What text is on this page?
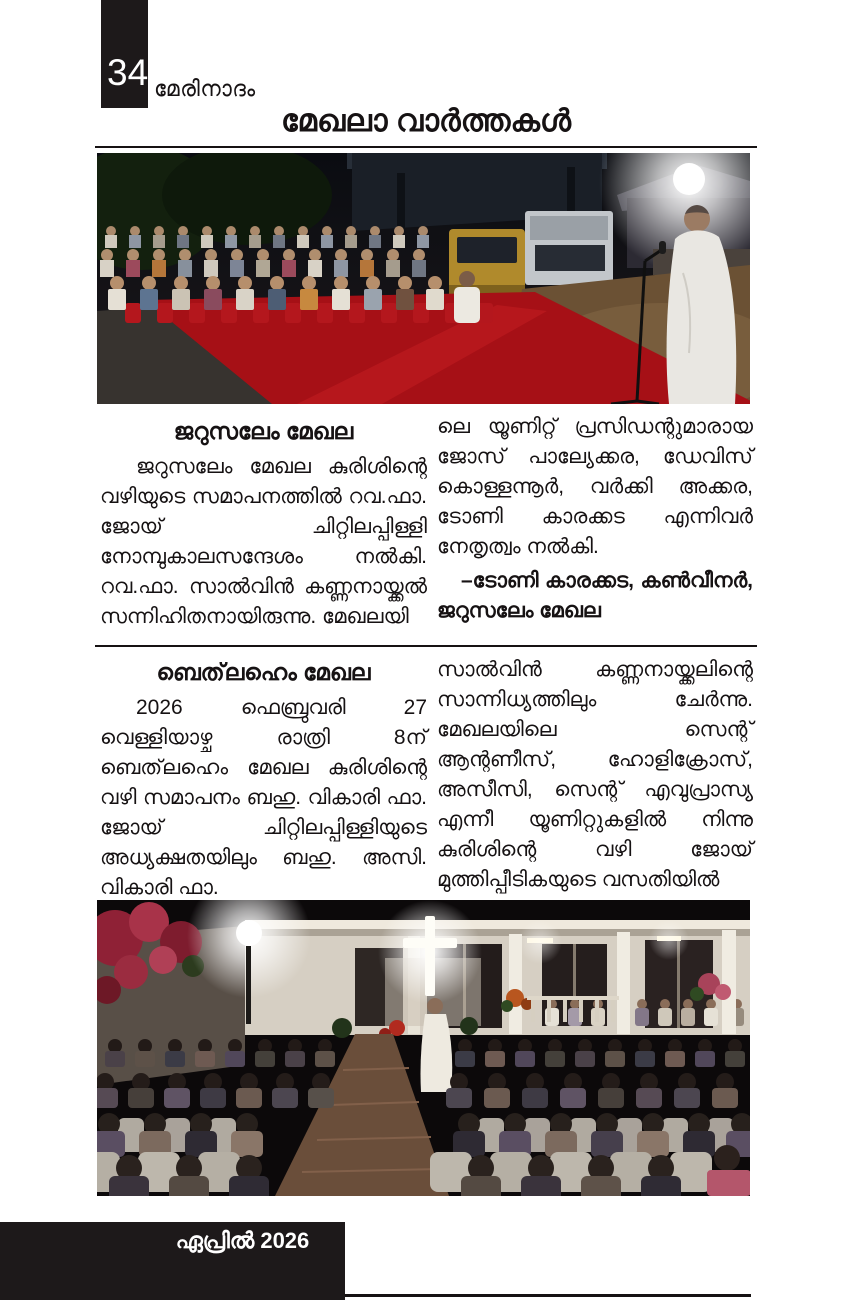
34 മേരിനാദം
മേഖലാ വാർത്തകൾ
ജറുസലേം മേഖല

ജറുസലേം മേഖല കുരിശിന്റെ വഴിയുടെ സമാപനത്തിൽ റവ.ഫാ. ജോയ് ചിറ്റിലപ്പിള്ളി നോമ്പുകാലസന്ദേശം നൽകി. റവ.ഫാ. സാൽവിൻ കണ്ണനായ്ക്കൽ സന്നിഹിതനായിരുന്നു. മേഖലയി

ലെ യൂണിറ്റ് പ്രസിഡന്റുമാരായ ജോസ് പാല്യേക്കര, ഡേവിസ് കൊള്ളന്നൂർ, വർക്കി അക്കര, ടോണി കാരക്കട എന്നിവർ നേതൃത്വം നൽകി.

–ടോണി കാരക്കട, കൺവീനർ, ജറുസലേം മേഖല

ബെത്‌ലഹെം മേഖല

2026 ഫെബ്രുവരി 27 വെള്ളിയാഴ്ച രാത്രി 8ന് ബെത്‌ലഹെം മേഖല കുരിശിന്റെ വഴി സമാപനം ബഹു. വികാരി ഫാ. ജോയ് ചിറ്റിലപ്പിള്ളിയുടെ അധ്യക്ഷതയിലും ബഹു. അസി. വികാരി ഫാ.

സാൽവിൻ കണ്ണനായ്ക്കലിന്റെ സാന്നിധ്യത്തിലും ചേർന്നു. മേഖലയിലെ സെന്റ് ആന്റണീസ്, ഹോളിക്രോസ്, അസീസി, സെന്റ് എവുപ്രാസ്യ എന്നീ യൂണിറ്റുകളിൽ നിന്നു കുരിശിന്റെ വഴി ജോയ് മുത്തിപ്പീടികയുടെ വസതിയിൽ

ഏപ്രിൽ 2026
